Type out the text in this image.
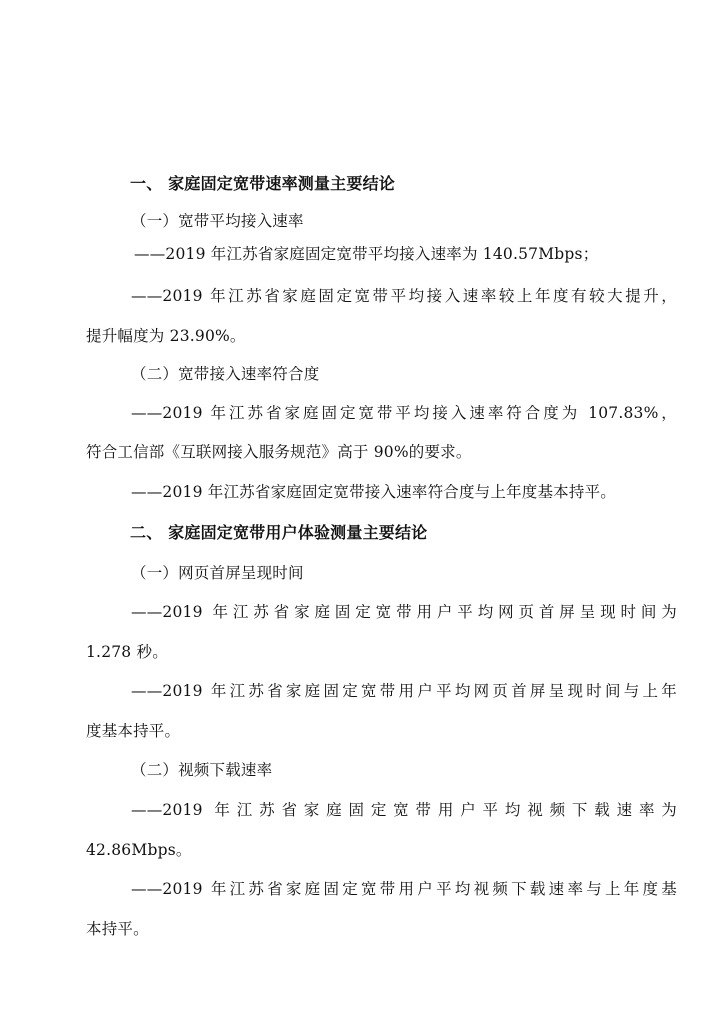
一、 家庭固定宽带速率测量主要结论
（一）宽带平均接入速率
——2019 年江苏省家庭固定宽带平均接入速率为 140.57Mbps；
——2019 年江苏省家庭固定宽带平均接入速率较上年度有较大提升，
提升幅度为 23.90%。
（二）宽带接入速率符合度
——2019 年江苏省家庭固定宽带平均接入速率符合度为 107.83%，
符合工信部《互联网接入服务规范》高于 90%的要求。
——2019 年江苏省家庭固定宽带接入速率符合度与上年度基本持平。
二、 家庭固定宽带用户体验测量主要结论
（一）网页首屏呈现时间
——2019 年江苏省家庭固定宽带用户平均网页首屏呈现时间为
1.278 秒。
——2019 年江苏省家庭固定宽带用户平均网页首屏呈现时间与上年
度基本持平。
（二）视频下载速率
——2019 年江苏省家庭固定宽带用户平均视频下载速率为
42.86Mbps。
——2019 年江苏省家庭固定宽带用户平均视频下载速率与上年度基
本持平。
